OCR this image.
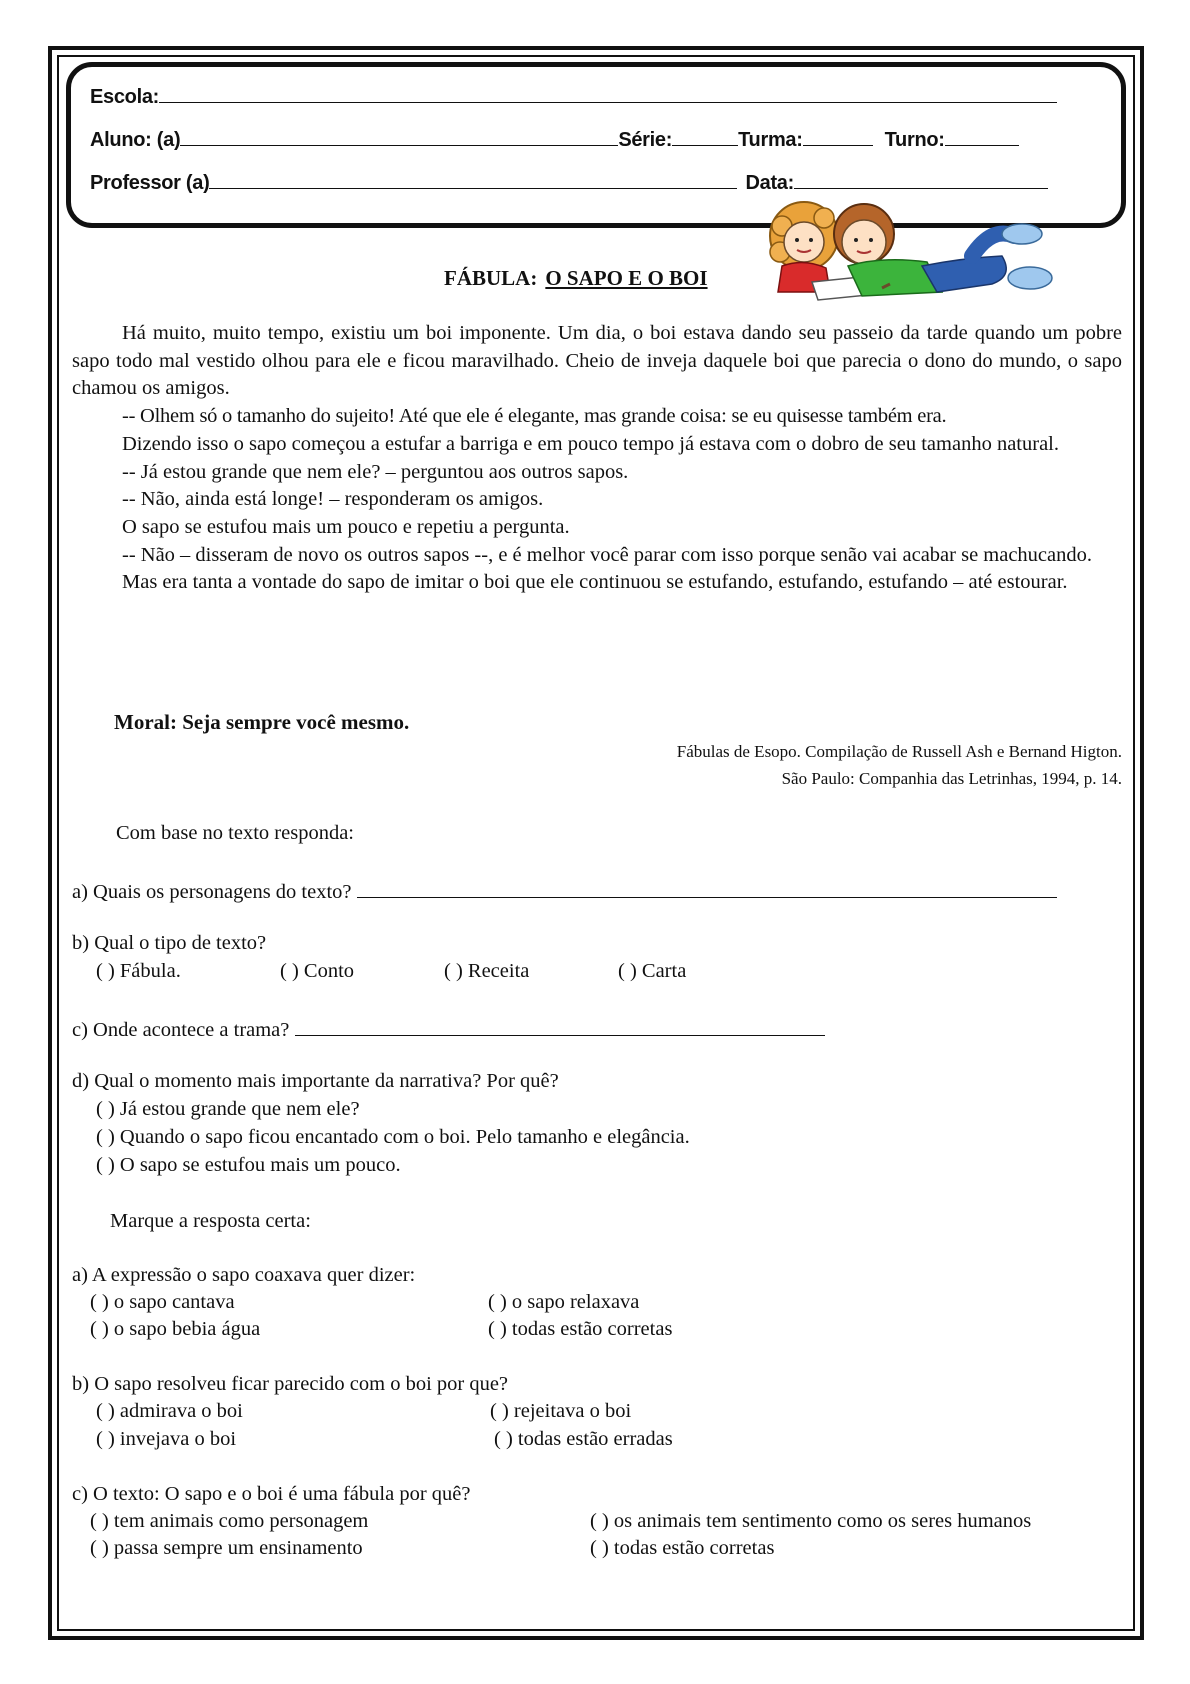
Escola:
Aluno: (a)	Série:	Turma:	Turno:
Professor (a)	Data:
FÁBULA: O SAPO E O BOI

Há muito, muito tempo, existiu um boi imponente. Um dia, o boi estava dando seu passeio da tarde quando um pobre sapo todo mal vestido olhou para ele e ficou maravilhado. Cheio de inveja daquele boi que parecia o dono do mundo, o sapo chamou os amigos.

-- Olhem só o tamanho do sujeito! Até que ele é elegante, mas grande coisa: se eu quisesse também era.

Dizendo isso o sapo começou a estufar a barriga e em pouco tempo já estava com o dobro de seu tamanho natural.

-- Já estou grande que nem ele? – perguntou aos outros sapos.

-- Não, ainda está longe! – responderam os amigos.

O sapo se estufou mais um pouco e repetiu a pergunta.

-- Não – disseram de novo os outros sapos --, e é melhor você parar com isso porque senão vai acabar se machucando.

Mas era tanta a vontade do sapo de imitar o boi que ele continuou se estufando, estufando, estufando – até estourar.

Moral: Seja sempre você mesmo.
Fábulas de Esopo. Compilação de Russell Ash e Bernand Higton.
São Paulo: Companhia das Letrinhas, 1994, p. 14.
Com base no texto responda:
a) Quais os personagens do texto?
b) Qual o tipo de texto?
( ) Fábula.	( ) Conto	( ) Receita	( ) Carta
c) Onde acontece a trama?
d) Qual o momento mais importante da narrativa? Por quê?
( ) Já estou grande que nem ele?
( ) Quando o sapo ficou encantado com o boi. Pelo tamanho e elegância.
( ) O sapo se estufou mais um pouco.
Marque a resposta certa:
a) A expressão o sapo coaxava quer dizer:
( ) o sapo cantava	( ) o sapo relaxava
( ) o sapo bebia água	( ) todas estão corretas
b) O sapo resolveu ficar parecido com o boi por que?
( ) admirava o boi	( ) rejeitava o boi
( ) invejava o boi	( ) todas estão erradas
c) O texto: O sapo e o boi é uma fábula por quê?
( ) tem animais como personagem	( ) os animais tem sentimento como os seres humanos
( ) passa sempre um ensinamento	( ) todas estão corretas
